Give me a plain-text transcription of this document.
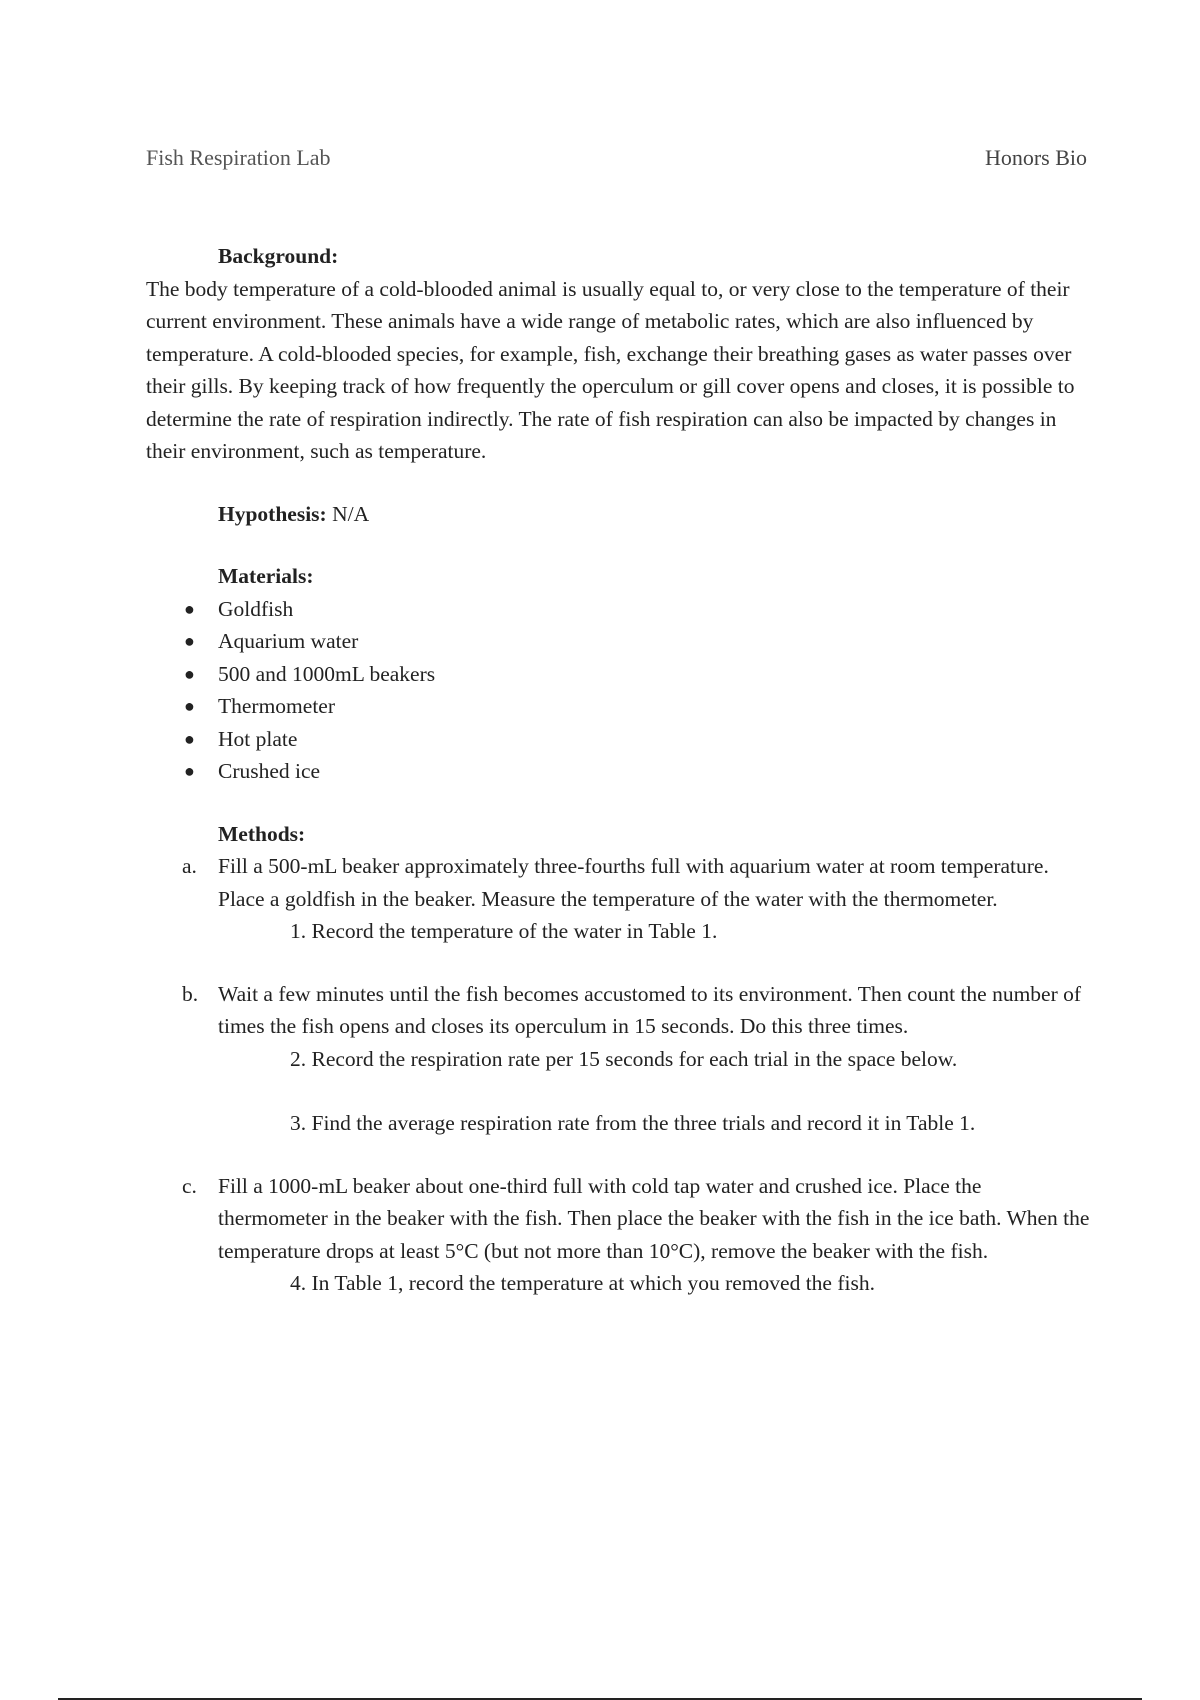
Fish Respiration Lab	Honors Bio
Background:

The body temperature of a cold-blooded animal is usually equal to, or very close to the temperature of their current environment. These animals have a wide range of metabolic rates, which are also influenced by temperature. A cold-blooded species, for example, fish, exchange their breathing gases as water passes over their gills. By keeping track of how frequently the operculum or gill cover opens and closes, it is possible to determine the rate of respiration indirectly. The rate of fish respiration can also be impacted by changes in their environment, such as temperature.

Hypothesis: N/A
Materials:
● Goldfish
● Aquarium water
● 500 and 1000mL beakers
● Thermometer
● Hot plate
● Crushed ice
Methods:
a. Fill a 500-mL beaker approximately three-fourths full with aquarium water at room temperature. Place a goldfish in the beaker. Measure the temperature of the water with the thermometer.
1. Record the temperature of the water in Table 1.
b. Wait a few minutes until the fish becomes accustomed to its environment. Then count the number of times the fish opens and closes its operculum in 15 seconds. Do this three times.
2. Record the respiration rate per 15 seconds for each trial in the space below.
3. Find the average respiration rate from the three trials and record it in Table 1.
c. Fill a 1000-mL beaker about one-third full with cold tap water and crushed ice. Place the thermometer in the beaker with the fish. Then place the beaker with the fish in the ice bath. When the temperature drops at least 5°C (but not more than 10°C), remove the beaker with the fish.
4. In Table 1, record the temperature at which you removed the fish.
